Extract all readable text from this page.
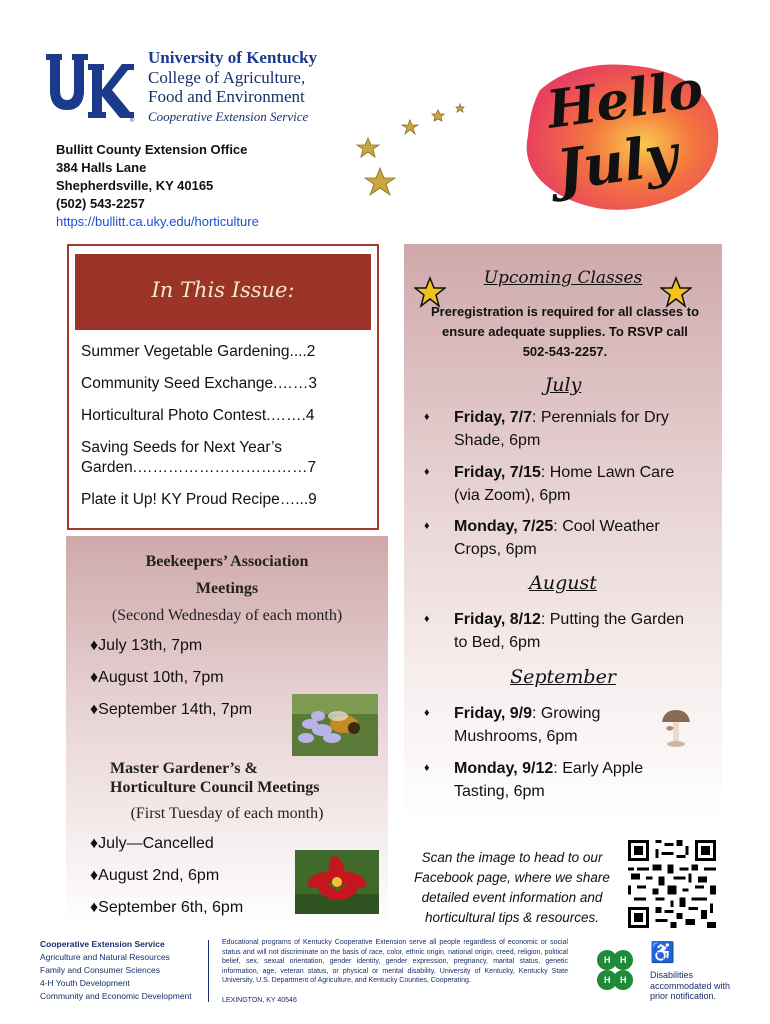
®
University of Kentucky
College of Agriculture,
Food and Environment
Cooperative Extension Service	Hello
July
Bullitt County Extension Office
384 Halls Lane
Shepherdsville, KY 40165
(502) 543-2257
https://bullitt.ca.uky.edu/horticulture
In This Issue:
Summer Vegetable Gardening....2
Community Seed Exchange.……3
Horticultural Photo Contest.…….4
Saving Seeds for Next Year’s Garden.……………………………7
Plate it Up! KY Proud Recipe…...9
Beekeepers’ Association
Meetings
(Second Wednesday of each month)
♦July 13th, 7pm
♦August 10th, 7pm
♦September 14th, 7pm
Master Gardener’s &
Horticulture Council Meetings
(First Tuesday of each month)
♦July—Cancelled
♦August 2nd, 6pm
♦September 6th, 6pm
Upcoming Classes
Preregistration is required for all classes to ensure adequate supplies. To RSVP call 502-543-2257.
July
♦ Friday, 7/7: Perennials for Dry Shade, 6pm
♦ Friday, 7/15: Home Lawn Care (via Zoom), 6pm
♦ Monday, 7/25: Cool Weather Crops, 6pm
August
♦ Friday, 8/12: Putting the Garden to Bed, 6pm
September
♦ Friday, 9/9: Growing Mushrooms, 6pm
♦ Monday, 9/12: Early Apple Tasting, 6pm
Scan the image to head to our Facebook page, where we share detailed event information and horticultural tips & resources.
Cooperative Extension Service
Agriculture and Natural Resources
Family and Consumer Sciences
4-H Youth Development
Community and Economic Development
Educational programs of Kentucky Cooperative Extension serve all people regardless of economic or social status and will not discriminate on the basis of race, color, ethnic origin, national origin, creed, religion, political belief, sex, sexual orientation, gender identity, gender expression, pregnancy, marital status, genetic information, age, veteran status, or physical or mental disability. University of Kentucky, Kentucky State University, U.S. Department of Agriculture, and Kentucky Counties, Cooperating.
LEXINGTON, KY 40546
H H
H H
♿
Disabilities accommodated with prior notification.
